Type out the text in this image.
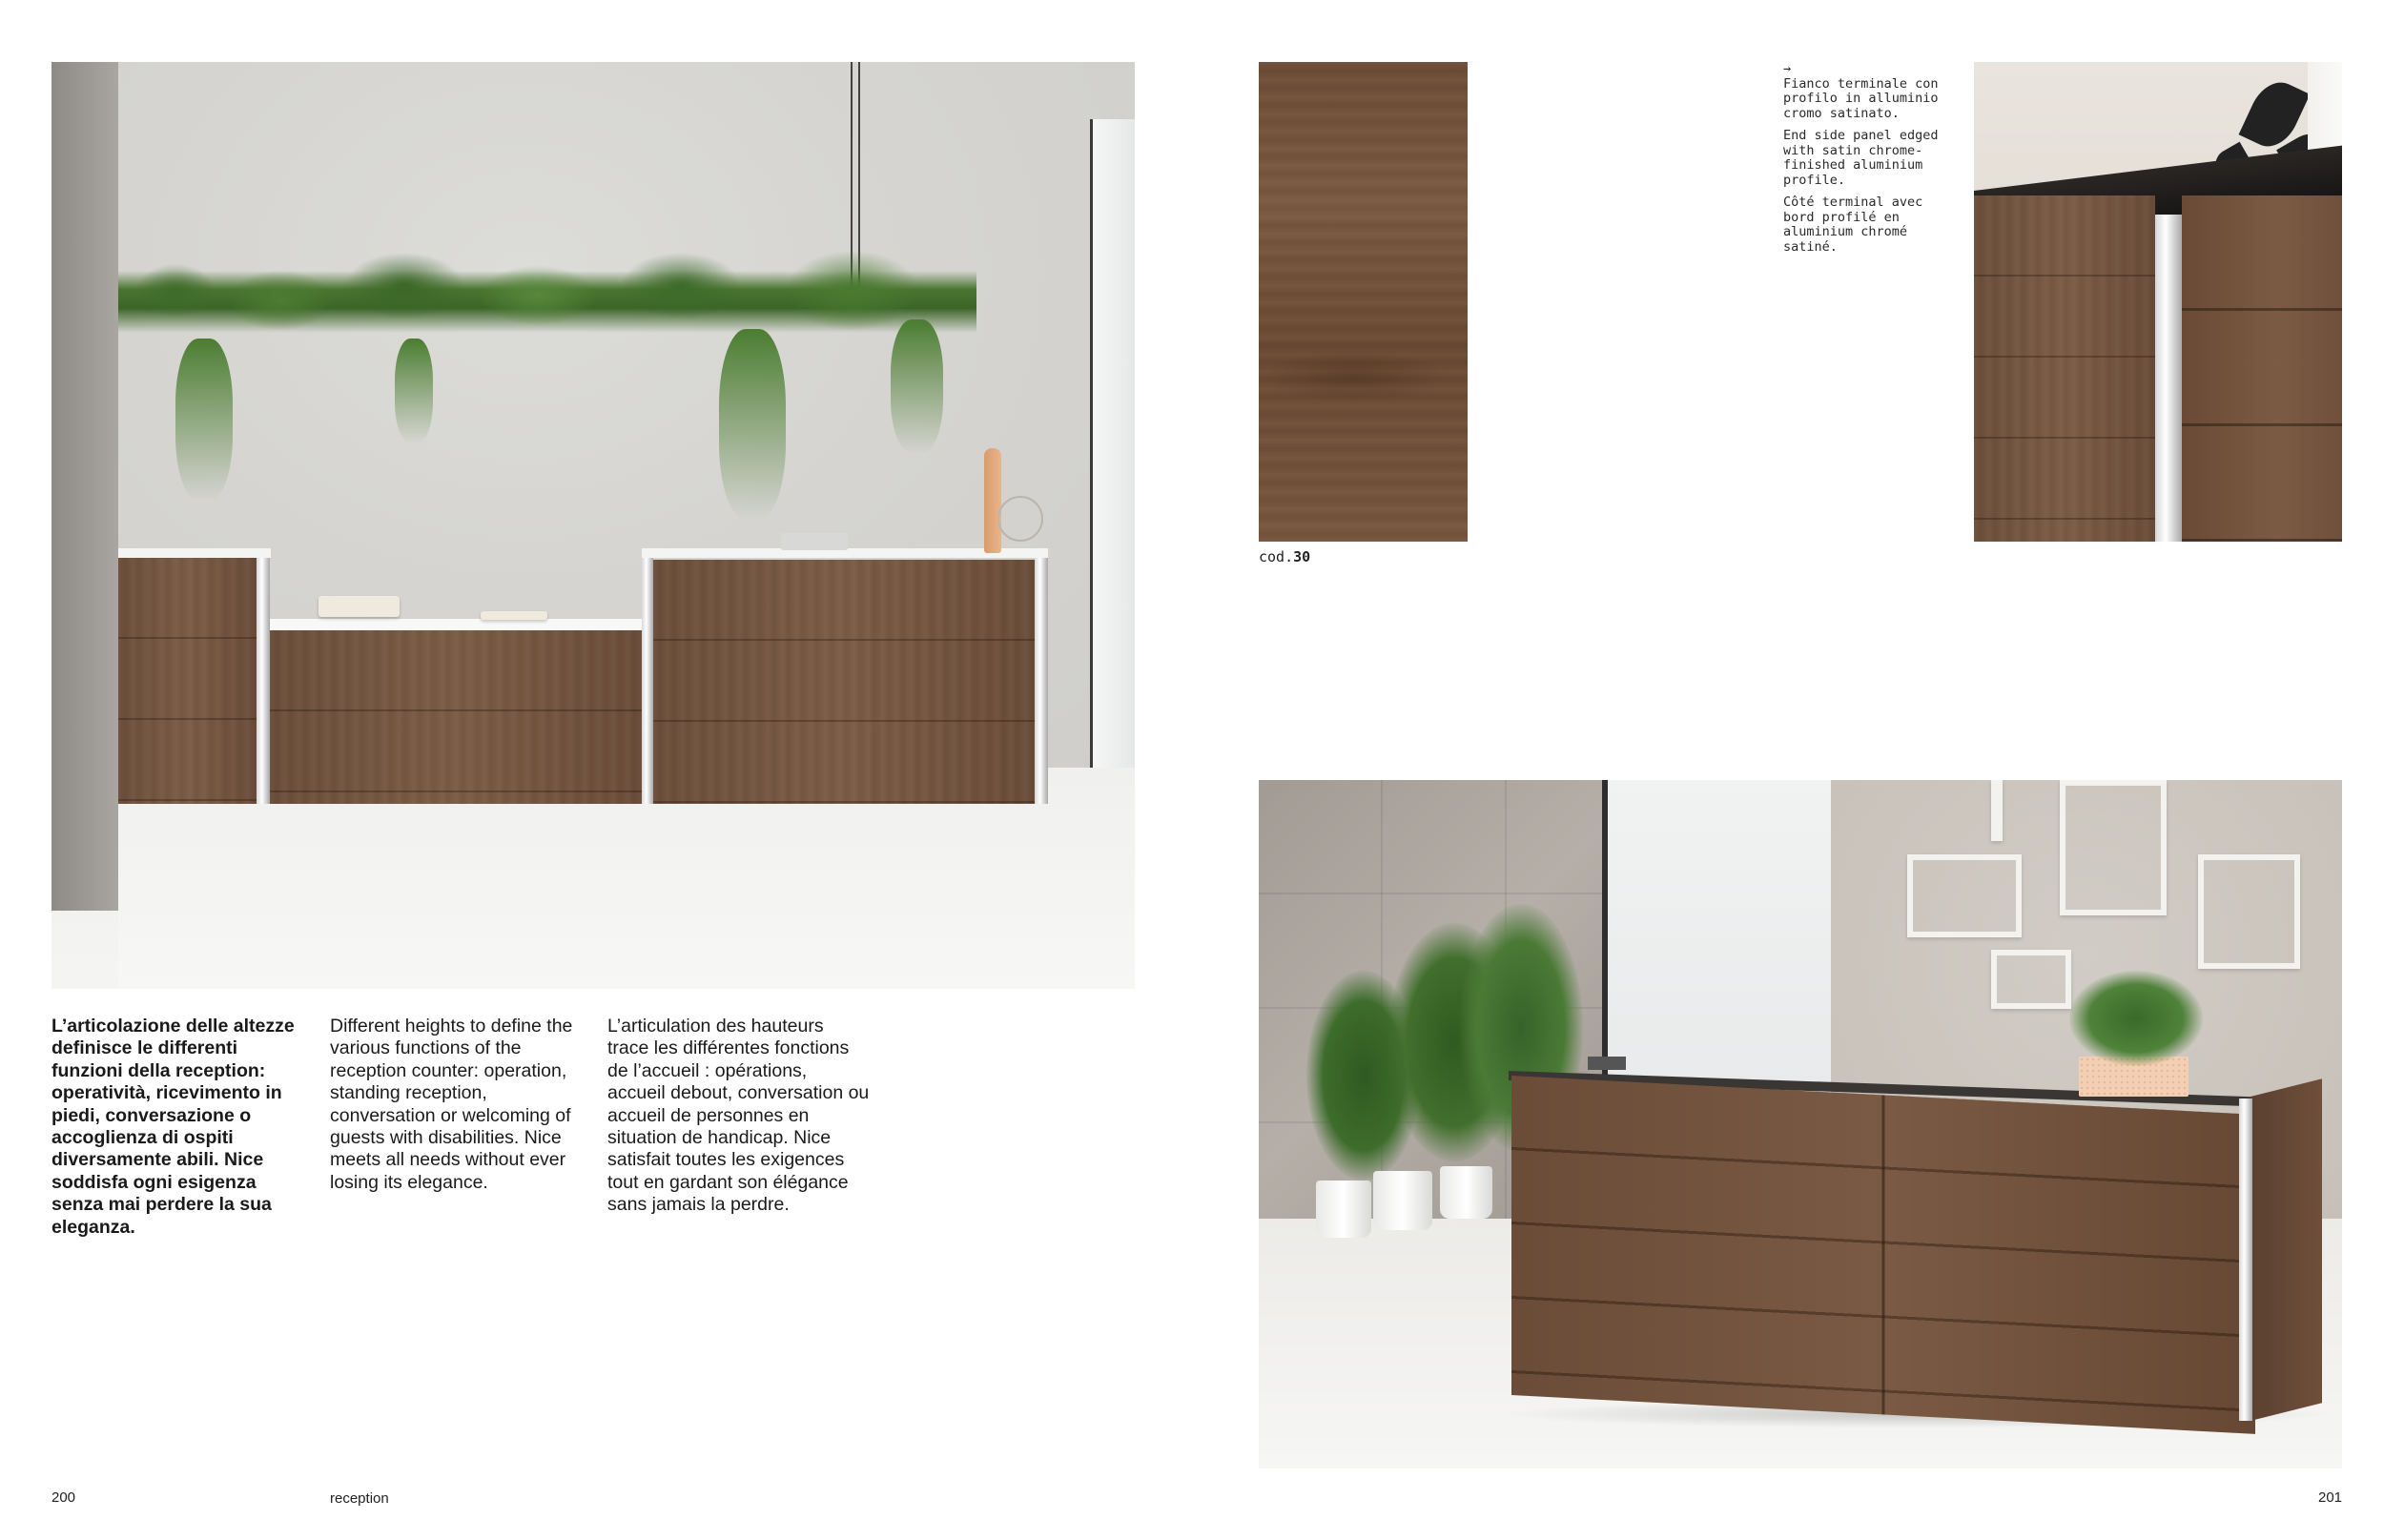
L’articolazione delle altezze definisce le differenti funzioni della reception: operatività, ricevimento in piedi, conversazione o accoglienza di ospiti diversamente abili. Nice soddisfa ogni esigenza senza mai perdere la sua eleganza.
Different heights to define the various functions of the reception counter: operation, standing reception, conversation or welcoming of guests with disabilities. Nice meets all needs without ever losing its elegance.
L’articulation des hauteurs trace les différentes fonctions de l’accueil : opérations, accueil debout, conversation ou accueil de personnes en situation de handicap. Nice satisfait toutes les exigences tout en gardant son élégance sans jamais la perdre.
200	reception
cod.30

→

Fianco terminale con profilo in alluminio cromo satinato.

End side panel edged with satin chrome-finished aluminium profile.

Côté terminal avec bord profilé en aluminium chromé satiné.

201
